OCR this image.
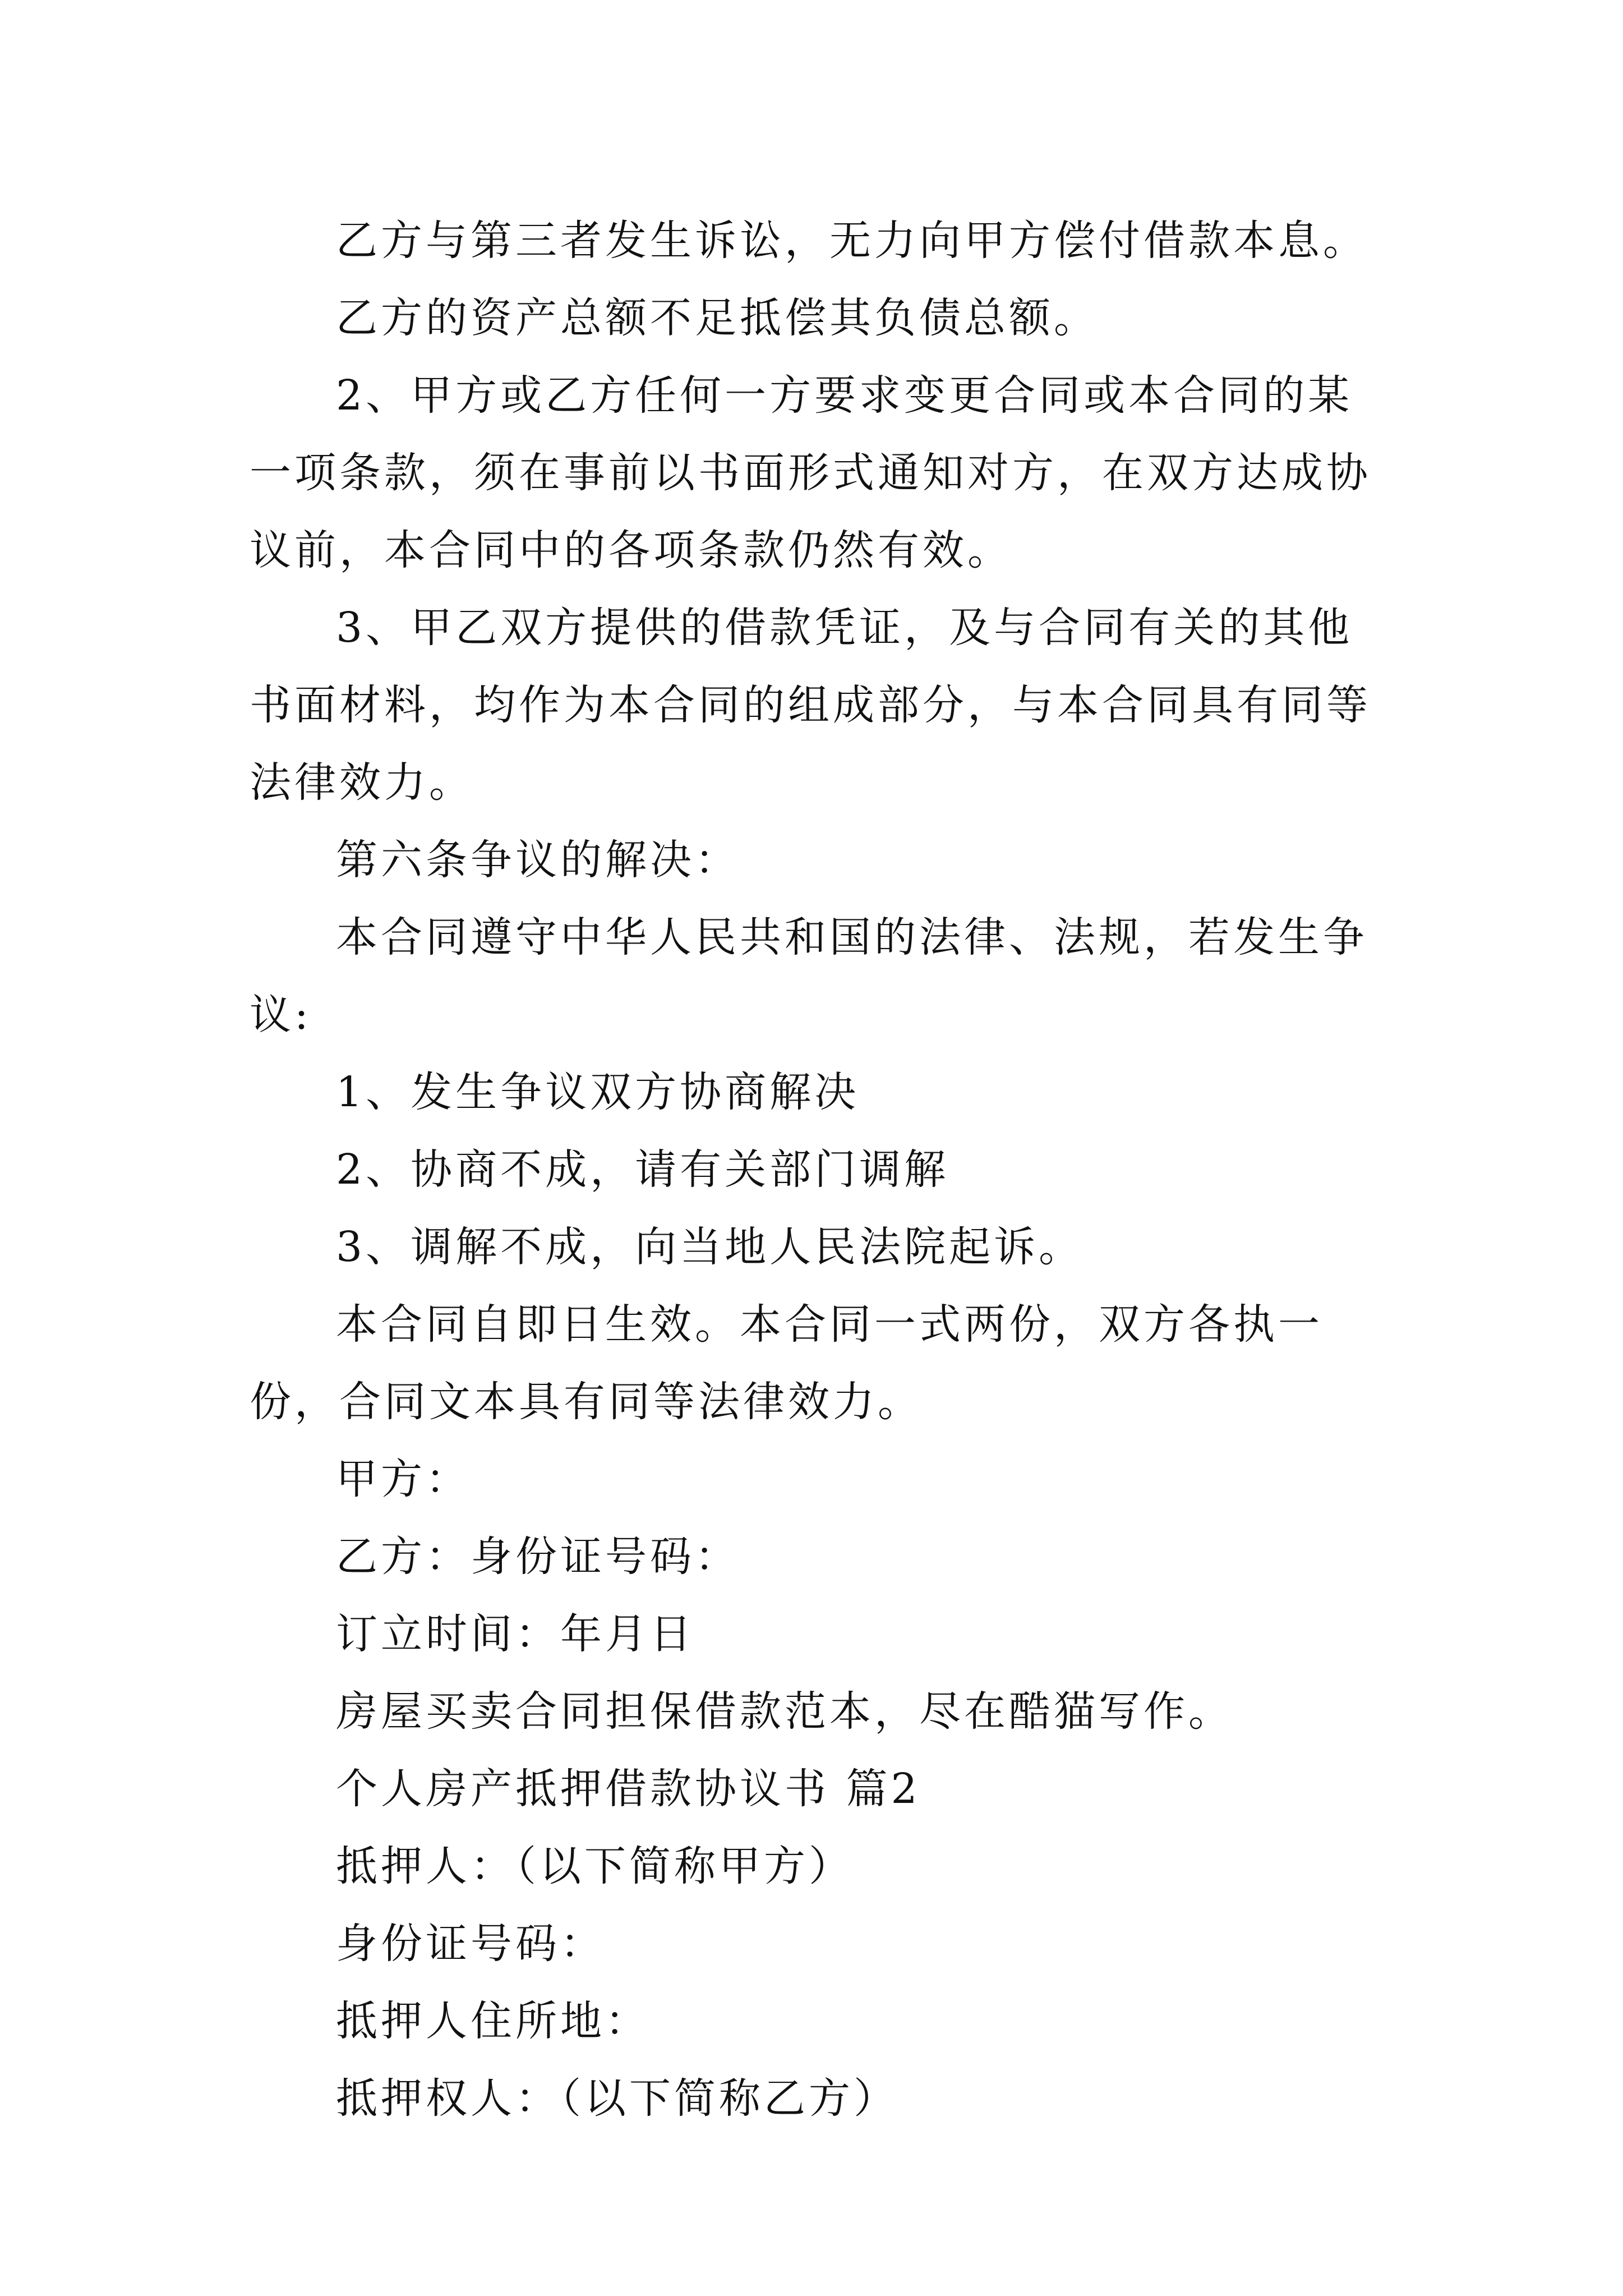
乙方与第三者发生诉讼，无力向甲方偿付借款本息。

乙方的资产总额不足抵偿其负债总额。

2、甲方或乙方任何一方要求变更合同或本合同的某一项条款，须在事前以书面形式通知对方，在双方达成协议前，本合同中的各项条款仍然有效。

3、甲乙双方提供的借款凭证，及与合同有关的其他书面材料，均作为本合同的组成部分，与本合同具有同等法律效力。

第六条争议的解决：

本合同遵守中华人民共和国的法律、法规，若发生争议:

1、发生争议双方协商解决

2、协商不成，请有关部门调解

3、调解不成，向当地人民法院起诉。

本合同自即日生效。本合同一式两份，双方各执一份，合同文本具有同等法律效力。

甲方：

乙方：身份证号码：

订立时间：年月日

房屋买卖合同担保借款范本，尽在酷猫写作。

个人房产抵押借款协议书 篇2

抵押人：（以下简称甲方）

身份证号码：

抵押人住所地：

抵押权人：（以下简称乙方）
